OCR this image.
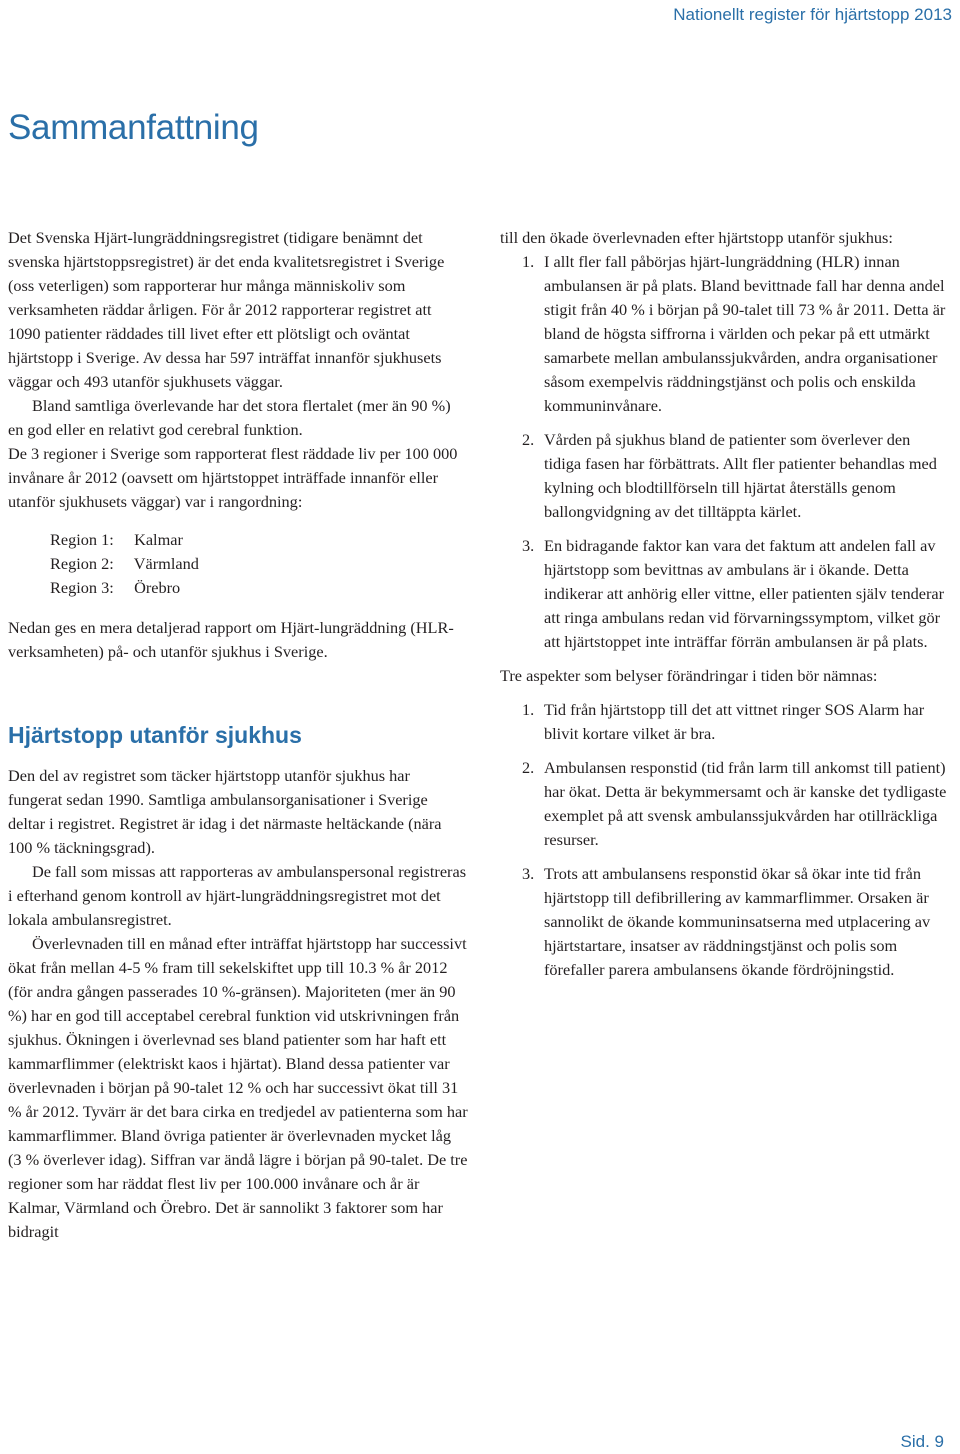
Nationellt register för hjärtstopp 2013
Sammanfattning

Det Svenska Hjärt-lungräddningsregistret (tidigare benämnt det svenska hjärtstoppsregistret) är det enda kvalitetsregistret i Sverige (oss veterligen) som rapporterar hur många människoliv som verksamheten räddar årligen. För år 2012 rapporterar registret att 1090 patienter räddades till livet efter ett plötsligt och oväntat hjärtstopp i Sverige. Av dessa har 597 inträffat innanför sjukhusets väggar och 493 utanför sjukhusets väggar.

Bland samtliga överlevande har det stora flertalet (mer än 90 %) en god eller en relativt god cerebral funktion.

De 3 regioner i Sverige som rapporterat flest räddade liv per 100 000 invånare år 2012 (oavsett om hjärtstoppet inträffade innanför eller utanför sjukhusets väggar) var i rangordning:

Region 1: Kalmar
Region 2: Värmland
Region 3: Örebro

Nedan ges en mera detaljerad rapport om Hjärt-lungräddning (HLR-verksamheten) på- och utanför sjukhus i Sverige.

Hjärtstopp utanför sjukhus

Den del av registret som täcker hjärtstopp utanför sjukhus har fungerat sedan 1990. Samtliga ambulansorganisationer i Sverige deltar i registret. Registret är idag i det närmaste heltäckande (nära 100 % täckningsgrad).

De fall som missas att rapporteras av ambulanspersonal registreras i efterhand genom kontroll av hjärt-lungräddningsregistret mot det lokala ambulansregistret.

Överlevnaden till en månad efter inträffat hjärtstopp har successivt ökat från mellan 4-5 % fram till sekelskiftet upp till 10.3 % år 2012 (för andra gången passerades 10 %-gränsen). Majoriteten (mer än 90 %) har en god till acceptabel cerebral funktion vid utskrivningen från sjukhus. Ökningen i överlevnad ses bland patienter som har haft ett kammarflimmer (elektriskt kaos i hjärtat). Bland dessa patienter var överlevnaden i början på 90-talet 12 % och har successivt ökat till 31 % år 2012. Tyvärr är det bara cirka en tredjedel av patienterna som har kammarflimmer. Bland övriga patienter är överlevnaden mycket låg (3 % överlever idag). Siffran var ändå lägre i början på 90-talet. De tre regioner som har räddat flest liv per 100.000 invånare och år är Kalmar, Värmland och Örebro. Det är sannolikt 3 faktorer som har bidragit

till den ökade överlevnaden efter hjärtstopp utanför sjukhus:

1. I allt fler fall påbörjas hjärt-lungräddning (HLR) innan ambulansen är på plats. Bland bevittnade fall har denna andel stigit från 40 % i början på 90-talet till 73 % år 2011. Detta är bland de högsta siffrorna i världen och pekar på ett utmärkt samarbete mellan ambulanssjukvården, andra organisationer såsom exempelvis räddningstjänst och polis och enskilda kommuninvånare.
2. Vården på sjukhus bland de patienter som överlever den tidiga fasen har förbättrats. Allt fler patienter behandlas med kylning och blodtillförseln till hjärtat återställs genom ballongvidgning av det tilltäppta kärlet.
3. En bidragande faktor kan vara det faktum att andelen fall av hjärtstopp som bevittnas av ambulans är i ökande. Detta indikerar att anhörig eller vittne, eller patienten själv tenderar att ringa ambulans redan vid förvarningssymptom, vilket gör att hjärtstoppet inte inträffar förrän ambulansen är på plats.

Tre aspekter som belyser förändringar i tiden bör nämnas:

1. Tid från hjärtstopp till det att vittnet ringer SOS Alarm har blivit kortare vilket är bra.
2. Ambulansen responstid (tid från larm till ankomst till patient) har ökat. Detta är bekymmersamt och är kanske det tydligaste exemplet på att svensk ambulanssjukvården har otillräckliga resurser.
3. Trots att ambulansens responstid ökar så ökar inte tid från hjärtstopp till defibrillering av kammarflimmer. Orsaken är sannolikt de ökande kommuninsatserna med utplacering av hjärtstartare, insatser av räddningstjänst och polis som förefaller parera ambulansens ökande fördröjningstid.
Sid. 9
